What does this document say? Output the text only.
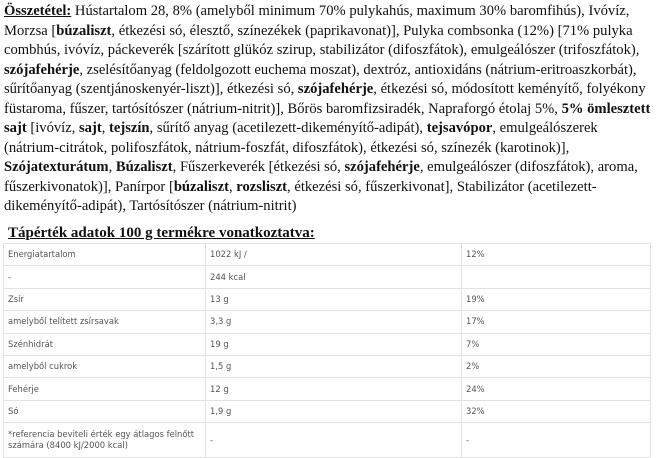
Összetétel: Hústartalom 28, 8% (amelyből minimum 70% pulykahús, maximum 30% baromfihús), Ivóvíz, Morzsa [búzaliszt, étkezési só, élesztő, színezékek (paprikavonat)], Pulyka combsonka (12%) [71% pulyka combhús, ivóvíz, páckeverék [szárított glükóz szirup, stabilizátor (difoszfátok), emulgeálószer (trifoszfátok), szójafehérje, zselésítőanyag (feldolgozott euchema moszat), dextróz, antioxidáns (nátrium-eritroaszkorbát), sűrítőanyag (szentjánoskenyér-liszt)], étkezési só, szójafehérje, étkezési só, módosított keményítő, folyékony füstaroma, fűszer, tartósítószer (nátrium-nitrit)], Bőrös baromfizsiradék, Napraforgó étolaj 5%, 5% ömlesztett sajt [ivóvíz, sajt, tejszín, sűrítő anyag (acetilezett-dikeményítő-adipát), tejsavópor, emulgeálószerek (nátrium-citrátok, polifoszfátok, nátrium-foszfát, difoszfátok), étkezési só, színezék (karotinok)], Szójatexturátum, Búzaliszt, Fűszerkeverék [étkezési só, szójafehérje, emulgeálószer (difoszfátok), aroma, fűszerkivonatok)], Panírpor [búzaliszt, rozsliszt, étkezési só, fűszerkivonat], Stabilizátor (acetilezett-dikeményítő-adipát), Tartósítószer (nátrium-nitrit)

Tápérték adatok 100 g termékre vonatkoztatva:

Energiatartalom	1022 kJ /	12%
-	244 kcal	
Zsír	13 g	19%
amelyből telített zsírsavak	3,3 g	17%
Szénhidrát	19 g	7%
amelyből cukrok	1,5 g	2%
Fehérje	12 g	24%
Só	1,9 g	32%
*referencia beviteli érték egy átlagos felnőtt számára (8400 kJ/2000 kcal)	-	-
